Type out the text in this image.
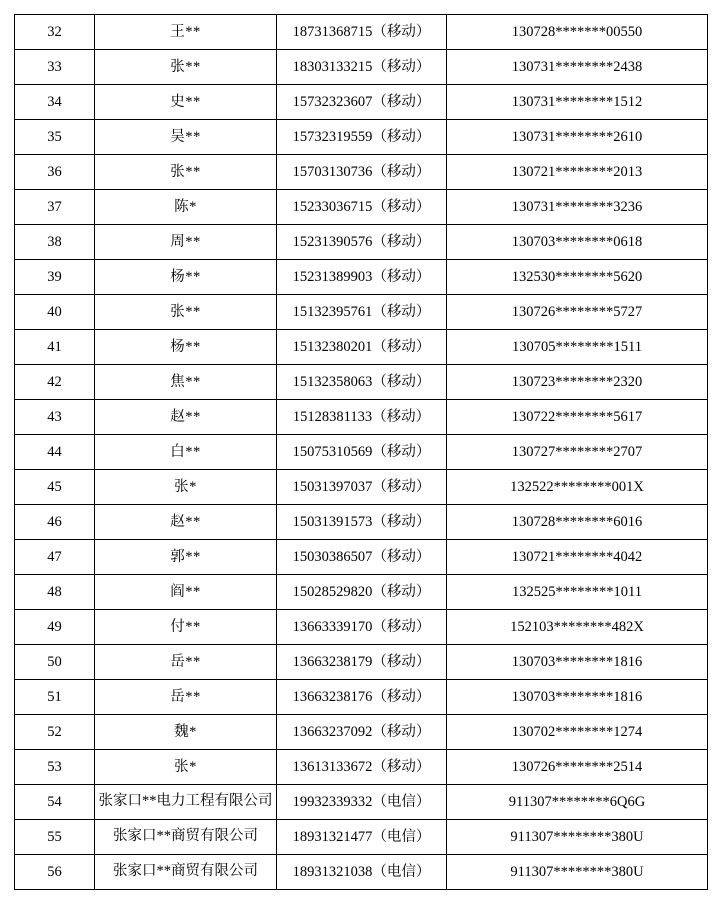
32	王**	18731368715（移动）	130728*******00550
33	张**	18303133215（移动）	130731********2438
34	史**	15732323607（移动）	130731********1512
35	吴**	15732319559（移动）	130731********2610
36	张**	15703130736（移动）	130721********2013
37	陈*	15233036715（移动）	130731********3236
38	周**	15231390576（移动）	130703********0618
39	杨**	15231389903（移动）	132530********5620
40	张**	15132395761（移动）	130726********5727
41	杨**	15132380201（移动）	130705********1511
42	焦**	15132358063（移动）	130723********2320
43	赵**	15128381133（移动）	130722********5617
44	白**	15075310569（移动）	130727********2707
45	张*	15031397037（移动）	132522********001X
46	赵**	15031391573（移动）	130728********6016
47	郭**	15030386507（移动）	130721********4042
48	阎**	15028529820（移动）	132525********1011
49	付**	13663339170（移动）	152103********482X
50	岳**	13663238179（移动）	130703********1816
51	岳**	13663238176（移动）	130703********1816
52	魏*	13663237092（移动）	130702********1274
53	张*	13613133672（移动）	130726********2514
54	张家口**电力工程有限公司	19932339332（电信）	911307********6Q6G
55	张家口**商贸有限公司	18931321477（电信）	911307********380U
56	张家口**商贸有限公司	18931321038（电信）	911307********380U
